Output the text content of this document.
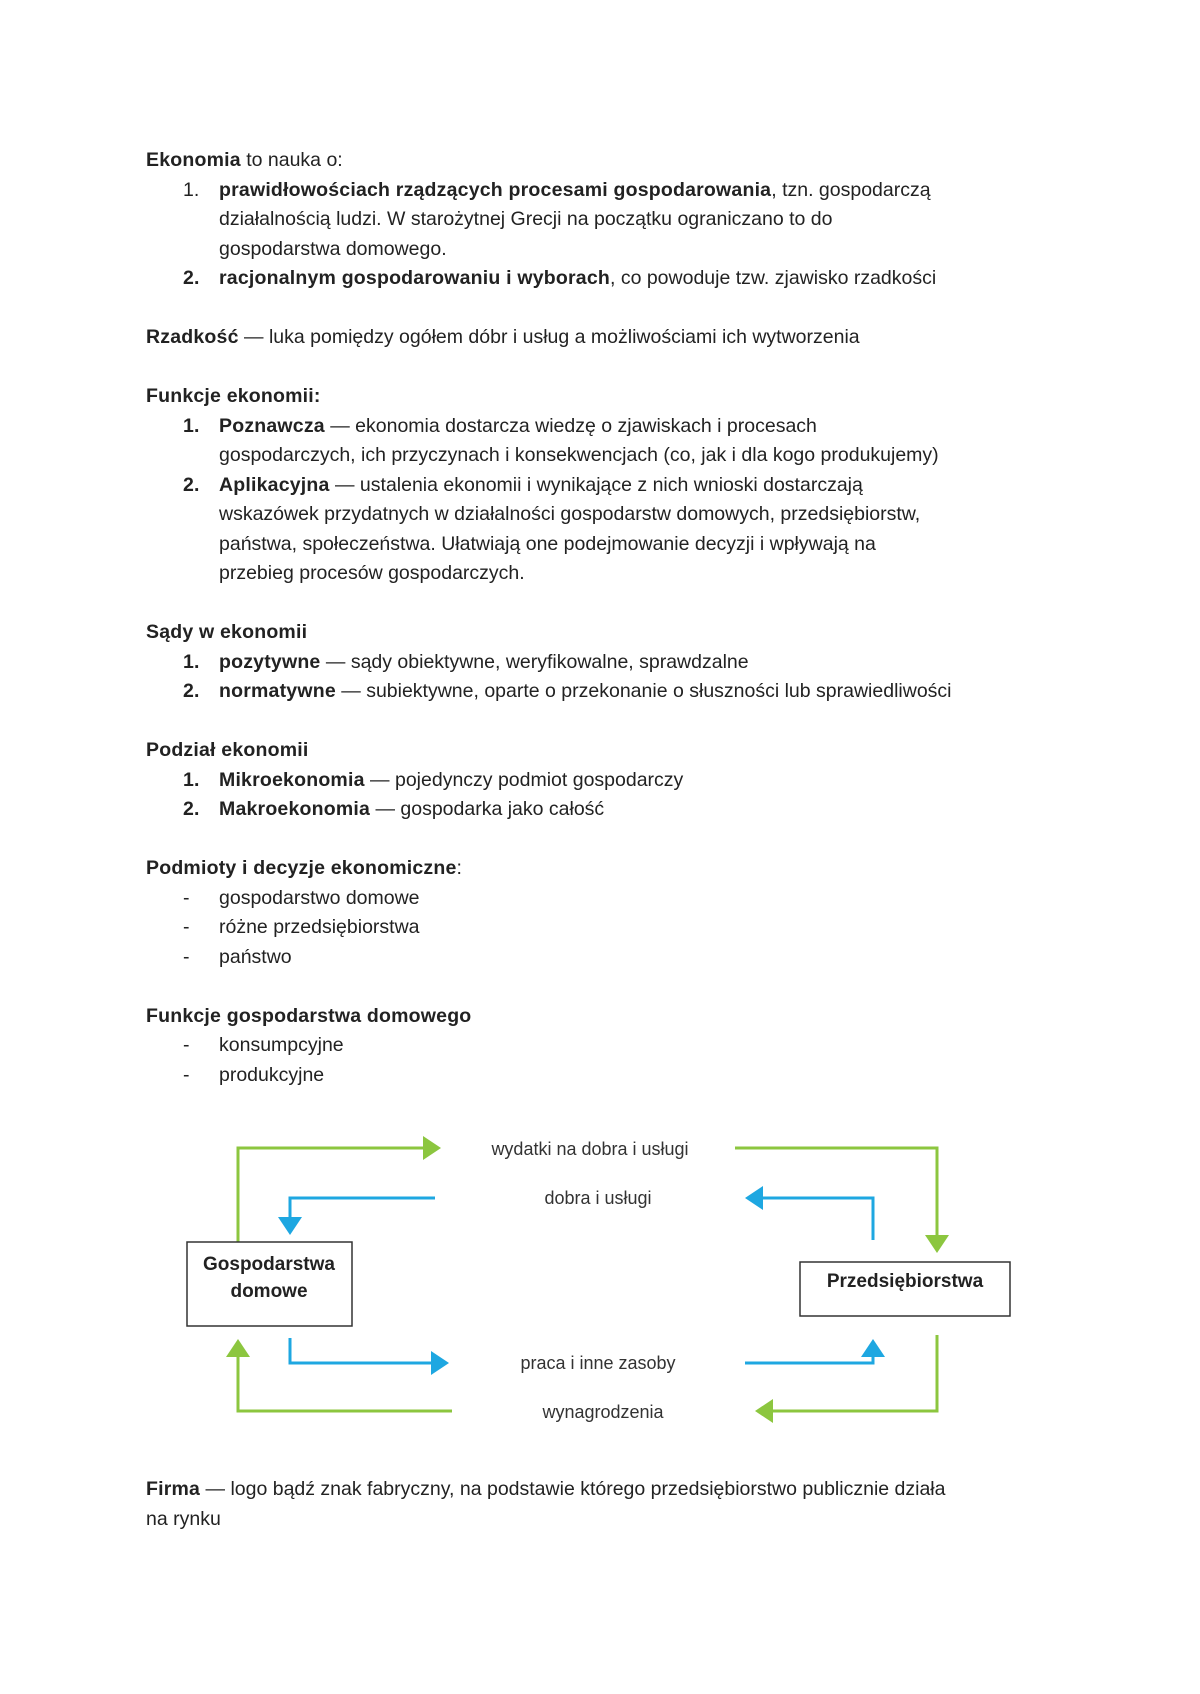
Ekonomia to nauka o:

1. prawidłowościach rządzących procesami gospodarowania, tzn. gospodarczą
działalnością ludzi. W starożytnej Grecji na początku ograniczano to do
gospodarstwa domowego.
2. racjonalnym gospodarowaniu i wyborach, co powoduje tzw. zjawisko rzadkości

Rzadkość — luka pomiędzy ogółem dóbr i usług a możliwościami ich wytworzenia

Funkcje ekonomii:

1. Poznawcza — ekonomia dostarcza wiedzę o zjawiskach i procesach
gospodarczych, ich przyczynach i konsekwencjach (co, jak i dla kogo produkujemy)
2. Aplikacyjna — ustalenia ekonomii i wynikające z nich wnioski dostarczają
wskazówek przydatnych w działalności gospodarstw domowych, przedsiębiorstw,
państwa, społeczeństwa. Ułatwiają one podejmowanie decyzji i wpływają na
przebieg procesów gospodarczych.

Sądy w ekonomii

1. pozytywne — sądy obiektywne, weryfikowalne, sprawdzalne
2. normatywne — subiektywne, oparte o przekonanie o słuszności lub sprawiedliwości

Podział ekonomii

1. Mikroekonomia — pojedynczy podmiot gospodarczy
2. Makroekonomia — gospodarka jako całość

Podmioty i decyzje ekonomiczne:

- gospodarstwo domowe
- różne przedsiębiorstwa
- państwo

Funkcje gospodarstwa domowego

- konsumpcyjne
- produkcyjne
Gospodarstwa
domowe	Przedsiębiorstwa
wydatki na dobra i usługi
dobra i usługi
praca i inne zasoby
wynagrodzenia

Firma — logo bądź znak fabryczny, na podstawie którego przedsiębiorstwo publicznie działa
na rynku
